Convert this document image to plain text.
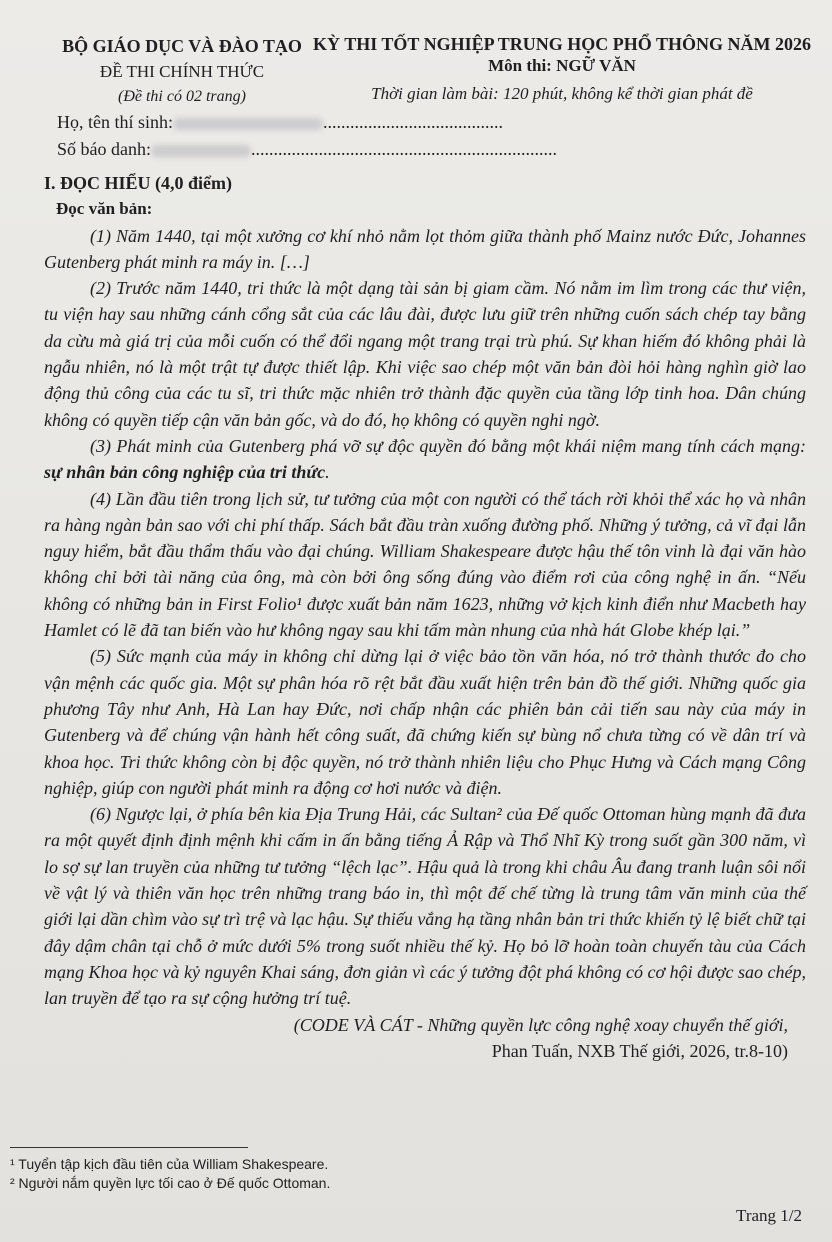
BỘ GIÁO DỤC VÀ ĐÀO TẠO
ĐỀ THI CHÍNH THỨC
(Đề thi có 02 trang)
KỲ THI TỐT NGHIỆP TRUNG HỌC PHỔ THÔNG NĂM 2026
Môn thi: NGỮ VĂN
Thời gian làm bài: 120 phút, không kể thời gian phát đề
Họ, tên thí sinh:	........................................
Số báo danh:	....................................................................

I. ĐỌC HIỂU (4,0 điểm)

Đọc văn bản:

(1) Năm 1440, tại một xưởng cơ khí nhỏ nằm lọt thỏm giữa thành phố Mainz nước Đức, Johannes Gutenberg phát minh ra máy in. […]

(2) Trước năm 1440, tri thức là một dạng tài sản bị giam cầm. Nó nằm im lìm trong các thư viện, tu viện hay sau những cánh cổng sắt của các lâu đài, được lưu giữ trên những cuốn sách chép tay bằng da cừu mà giá trị của mỗi cuốn có thể đổi ngang một trang trại trù phú. Sự khan hiếm đó không phải là ngẫu nhiên, nó là một trật tự được thiết lập. Khi việc sao chép một văn bản đòi hỏi hàng nghìn giờ lao động thủ công của các tu sĩ, tri thức mặc nhiên trở thành đặc quyền của tầng lớp tinh hoa. Dân chúng không có quyền tiếp cận văn bản gốc, và do đó, họ không có quyền nghi ngờ.

(3) Phát minh của Gutenberg phá vỡ sự độc quyền đó bằng một khái niệm mang tính cách mạng: sự nhân bản công nghiệp của tri thức.

(4) Lần đầu tiên trong lịch sử, tư tưởng của một con người có thể tách rời khỏi thể xác họ và nhân ra hàng ngàn bản sao với chi phí thấp. Sách bắt đầu tràn xuống đường phố. Những ý tưởng, cả vĩ đại lẫn nguy hiểm, bắt đầu thẩm thấu vào đại chúng. William Shakespeare được hậu thế tôn vinh là đại văn hào không chỉ bởi tài năng của ông, mà còn bởi ông sống đúng vào điểm rơi của công nghệ in ấn. “Nếu không có những bản in First Folio¹ được xuất bản năm 1623, những vở kịch kinh điển như Macbeth hay Hamlet có lẽ đã tan biến vào hư không ngay sau khi tấm màn nhung của nhà hát Globe khép lại.”

(5) Sức mạnh của máy in không chỉ dừng lại ở việc bảo tồn văn hóa, nó trở thành thước đo cho vận mệnh các quốc gia. Một sự phân hóa rõ rệt bắt đầu xuất hiện trên bản đồ thế giới. Những quốc gia phương Tây như Anh, Hà Lan hay Đức, nơi chấp nhận các phiên bản cải tiến sau này của máy in Gutenberg và để chúng vận hành hết công suất, đã chứng kiến sự bùng nổ chưa từng có về dân trí và khoa học. Tri thức không còn bị độc quyền, nó trở thành nhiên liệu cho Phục Hưng và Cách mạng Công nghiệp, giúp con người phát minh ra động cơ hơi nước và điện.

(6) Ngược lại, ở phía bên kia Địa Trung Hải, các Sultan² của Đế quốc Ottoman hùng mạnh đã đưa ra một quyết định định mệnh khi cấm in ấn bằng tiếng Ả Rập và Thổ Nhĩ Kỳ trong suốt gần 300 năm, vì lo sợ sự lan truyền của những tư tưởng “lệch lạc”. Hậu quả là trong khi châu Âu đang tranh luận sôi nổi về vật lý và thiên văn học trên những trang báo in, thì một đế chế từng là trung tâm văn minh của thế giới lại dần chìm vào sự trì trệ và lạc hậu. Sự thiếu vắng hạ tầng nhân bản tri thức khiến tỷ lệ biết chữ tại đây dậm chân tại chỗ ở mức dưới 5% trong suốt nhiều thế kỷ. Họ bỏ lỡ hoàn toàn chuyến tàu của Cách mạng Khoa học và kỷ nguyên Khai sáng, đơn giản vì các ý tưởng đột phá không có cơ hội được sao chép, lan truyền để tạo ra sự cộng hưởng trí tuệ.

(CODE VÀ CÁT - Những quyền lực công nghệ xoay chuyển thế giới,

Phan Tuấn, NXB Thế giới, 2026, tr.8-10)

¹ Tuyển tập kịch đầu tiên của William Shakespeare.
² Người nắm quyền lực tối cao ở Đế quốc Ottoman.
Trang 1/2
